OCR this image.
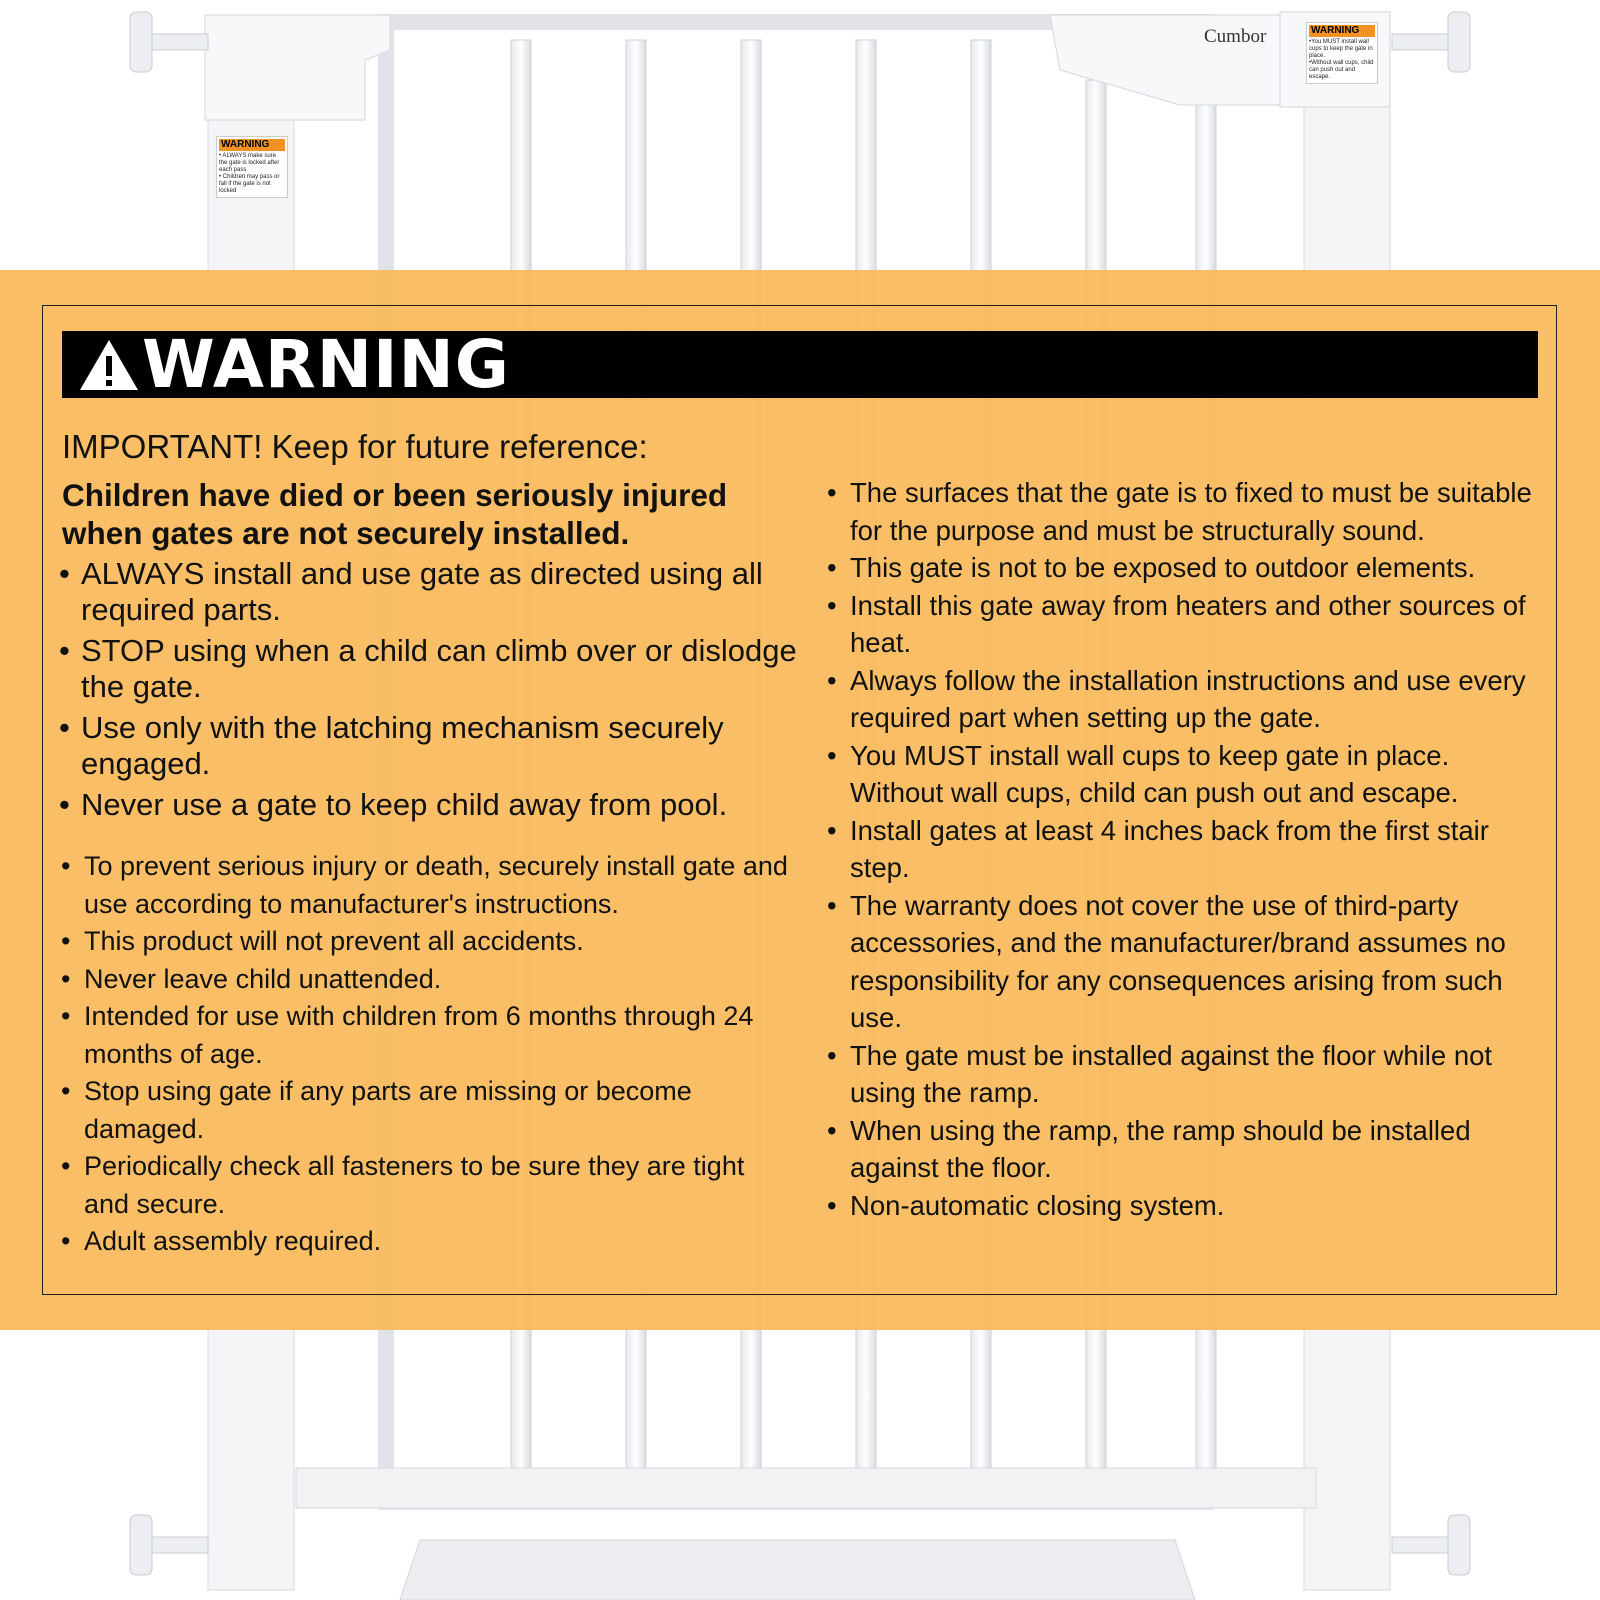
Cumbor
WARNING
• ALWAYS make sure the gate is locked after each pass
• Children may pass or fall if the gate is not locked
WARNING
•You MUST install wall cups to keep the gate in place.
•Without wall cups, child can push out and escape.
WARNING
IMPORTANT! Keep for future reference:
Children have died or been seriously injured when gates are not securely installed.
• ALWAYS install and use gate as directed using all required parts.
• STOP using when a child can climb over or dislodge the gate.
• Use only with the latching mechanism securely engaged.
• Never use a gate to keep child away from pool.
• To prevent serious injury or death, securely install gate and use according to manufacturer's instructions.
• This product will not prevent all accidents.
• Never leave child unattended.
• Intended for use with children from 6 months through 24 months of age.
• Stop using gate if any parts are missing or become damaged.
• Periodically check all fasteners to be sure they are tight and secure.
• Adult assembly required.
• The surfaces that the gate is to fixed to must be suitable for the purpose and must be structurally sound.
• This gate is not to be exposed to outdoor elements.
• Install this gate away from heaters and other sources of heat.
• Always follow the installation instructions and use every required part when setting up the gate.
• You MUST install wall cups to keep gate in place. Without wall cups, child can push out and escape.
• Install gates at least 4 inches back from the first stair step.
• The warranty does not cover the use of third-party accessories, and the manufacturer/brand assumes no responsibility for any consequences arising from such use.
• The gate must be installed against the floor while not using the ramp.
• When using the ramp, the ramp should be installed against the floor.
• Non-automatic closing system.
